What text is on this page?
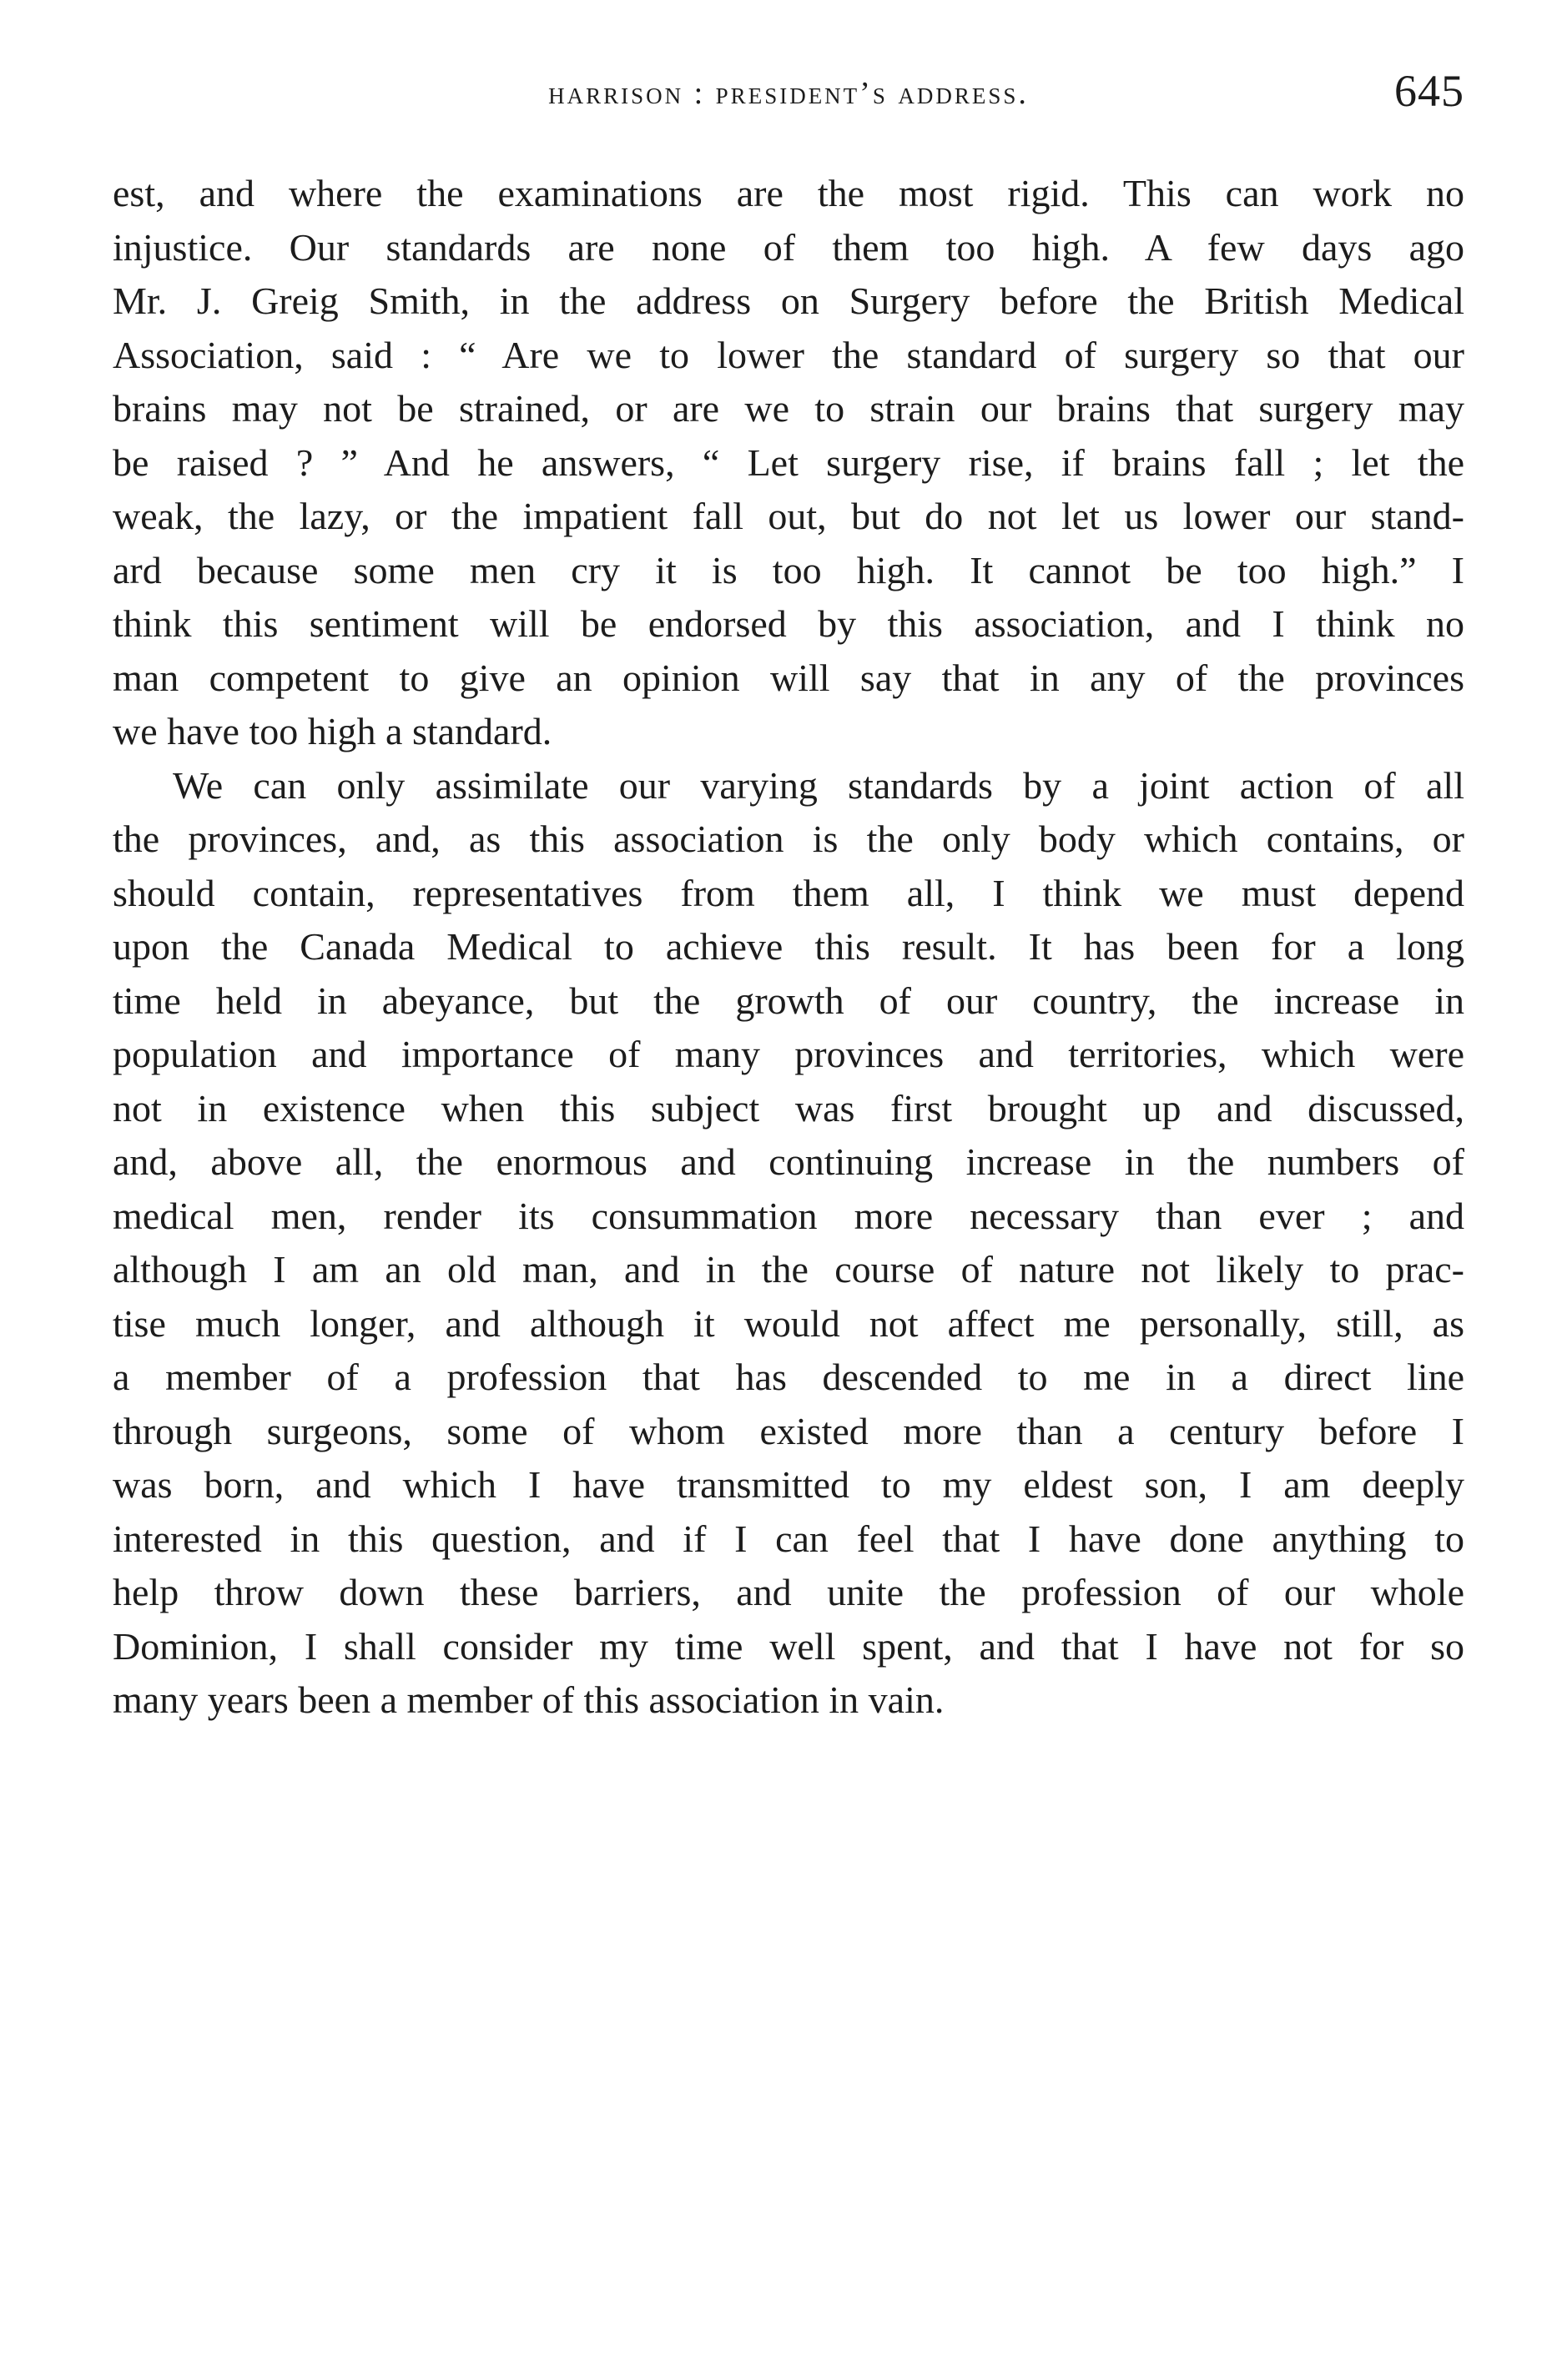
harrison : president’s address.	645
est, and where the examinations are the most rigid. This can work no
injustice. Our standards are none of them too high. A few days ago
Mr. J. Greig Smith, in the address on Surgery before the British Medical
Association, said : “ Are we to lower the standard of surgery so that our
brains may not be strained, or are we to strain our brains that surgery may
be raised ? ” And he answers, “ Let surgery rise, if brains fall ; let the
weak, the lazy, or the impatient fall out, but do not let us lower our stand-
ard because some men cry it is too high. It cannot be too high.” I
think this sentiment will be endorsed by this association, and I think no
man competent to give an opinion will say that in any of the provinces
we have too high a standard.
We can only assimilate our varying standards by a joint action of all
the provinces, and, as this association is the only body which contains, or
should contain, representatives from them all, I think we must depend
upon the Canada Medical to achieve this result. It has been for a long
time held in abeyance, but the growth of our country, the increase in
population and importance of many provinces and territories, which were
not in existence when this subject was first brought up and discussed,
and, above all, the enormous and continuing increase in the numbers of
medical men, render its consummation more necessary than ever ; and
although I am an old man, and in the course of nature not likely to prac-
tise much longer, and although it would not affect me personally, still, as
a member of a profession that has descended to me in a direct line
through surgeons, some of whom existed more than a century before I
was born, and which I have transmitted to my eldest son, I am deeply
interested in this question, and if I can feel that I have done anything to
help throw down these barriers, and unite the profession of our whole
Dominion, I shall consider my time well spent, and that I have not for so
many years been a member of this association in vain.
